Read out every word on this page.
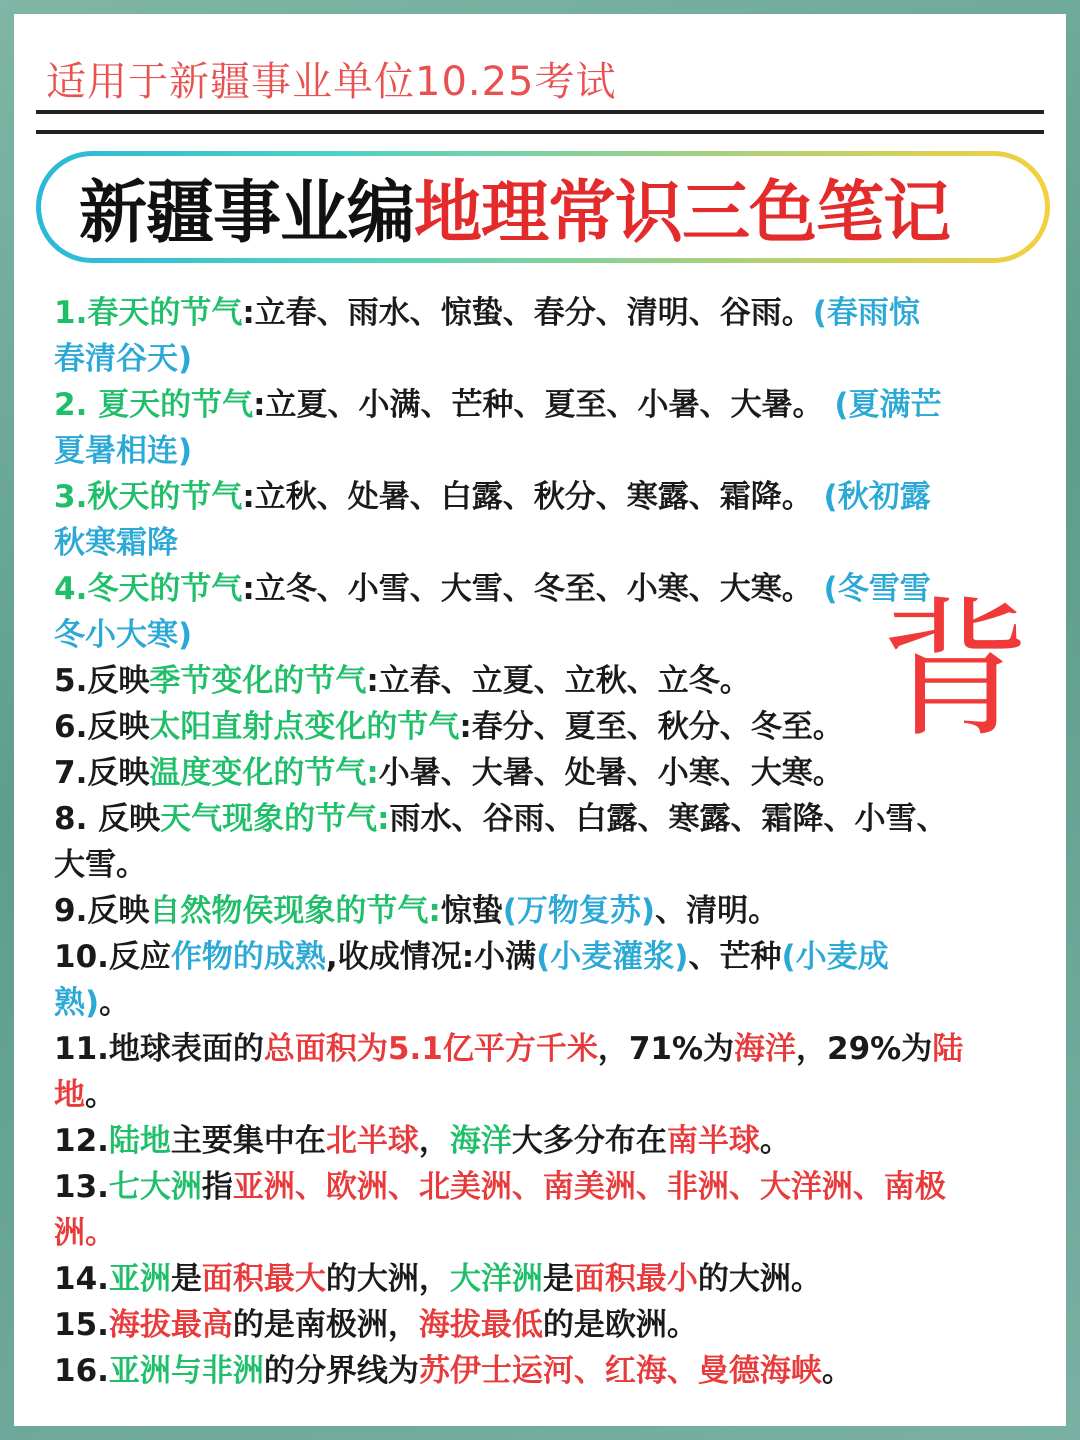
适用于新疆事业单位10.25考试
新疆事业编 地理常识三色笔记
1.春天的节气:立春、雨水、惊蛰、春分、清明、谷雨。(春雨惊
春清谷天)
2. 夏天的节气:立夏、小满、芒种、夏至、小暑、大暑。 (夏满芒
夏暑相连)
3.秋天的节气:立秋、处暑、白露、秋分、寒露、霜降。 (秋初露
秋寒霜降
4.冬天的节气:立冬、小雪、大雪、冬至、小寒、大寒。 (冬雪雪
冬小大寒)
5.反映季节变化的节气:立春、立夏、立秋、立冬。
6.反映太阳直射点变化的节气:春分、夏至、秋分、冬至。
7.反映温度变化的节气:小暑、大暑、处暑、小寒、大寒。
8. 反映天气现象的节气:雨水、谷雨、白露、寒露、霜降、小雪、
大雪。
9.反映自然物侯现象的节气:惊蛰(万物复苏)、清明。
10.反应作物的成熟,收成情况:小满(小麦灌浆)、芒种(小麦成
熟)。
11.地球表面的总面积为5.1亿平方千米，71%为海洋，29%为陆
地。
12.陆地主要集中在北半球，海洋大多分布在南半球。
13.七大洲指亚洲、欧洲、北美洲、南美洲、非洲、大洋洲、南极
洲。
14.亚洲是面积最大的大洲，大洋洲是面积最小的大洲。
15.海拔最高的是南极洲，海拔最低的是欧洲。
16.亚洲与非洲的分界线为苏伊士运河、红海、曼德海峡。
背
